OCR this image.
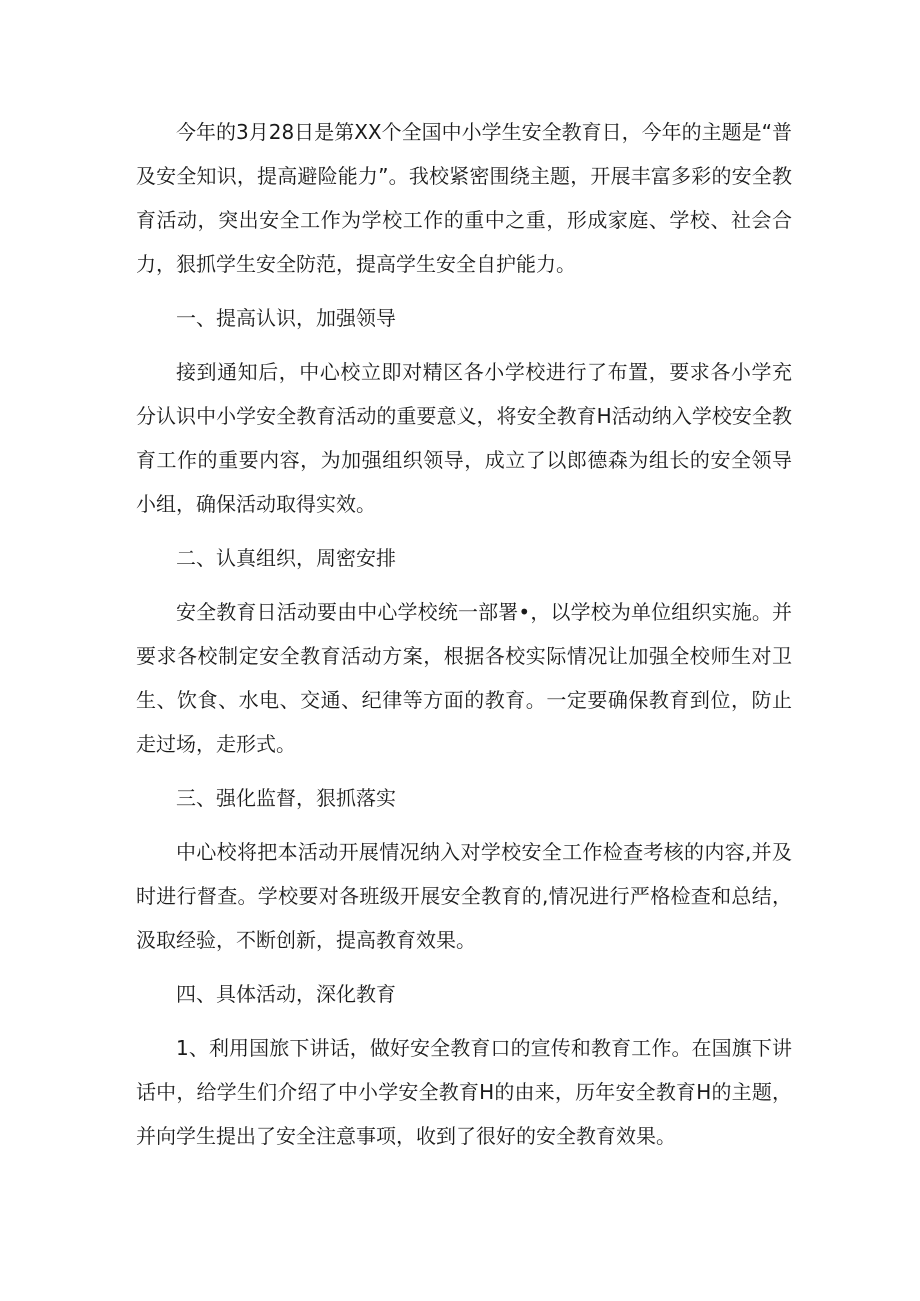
今年的3月28日是第XX个全国中小学生安全教育日，今年的主题是“普及安全知识，提高避险能力”。我校紧密围绕主题，开展丰富多彩的安全教育活动，突出安全工作为学校工作的重中之重，形成家庭、学校、社会合力，狠抓学生安全防范，提高学生安全自护能力。

一、提高认识，加强领导

接到通知后，中心校立即对精区各小学校进行了布置，要求各小学充分认识中小学安全教育活动的重要意义，将安全教育H活动纳入学校安全教育工作的重要内容，为加强组织领导，成立了以郎德森为组长的安全领导小组，确保活动取得实效。

二、认真组织，周密安排

安全教育日活动要由中心学校统一部署•，以学校为单位组织实施。并要求各校制定安全教育活动方案，根据各校实际情况让加强全校师生对卫生、饮食、水电、交通、纪律等方面的教育。一定要确保教育到位，防止走过场，走形式。

三、强化监督，狠抓落实

中心校将把本活动开展情况纳入对学校安全工作检查考核的内容,并及时进行督查。学校要对各班级开展安全教育的,情况进行严格检查和总结，汲取经验，不断创新，提高教育效果。

四、具体活动，深化教育

1、利用国旅下讲话，做好安全教育口的宣传和教育工作。在国旗下讲话中，给学生们介绍了中小学安全教育H的由来，历年安全教育H的主题，并向学生提出了安全注意事项，收到了很好的安全教育效果。
